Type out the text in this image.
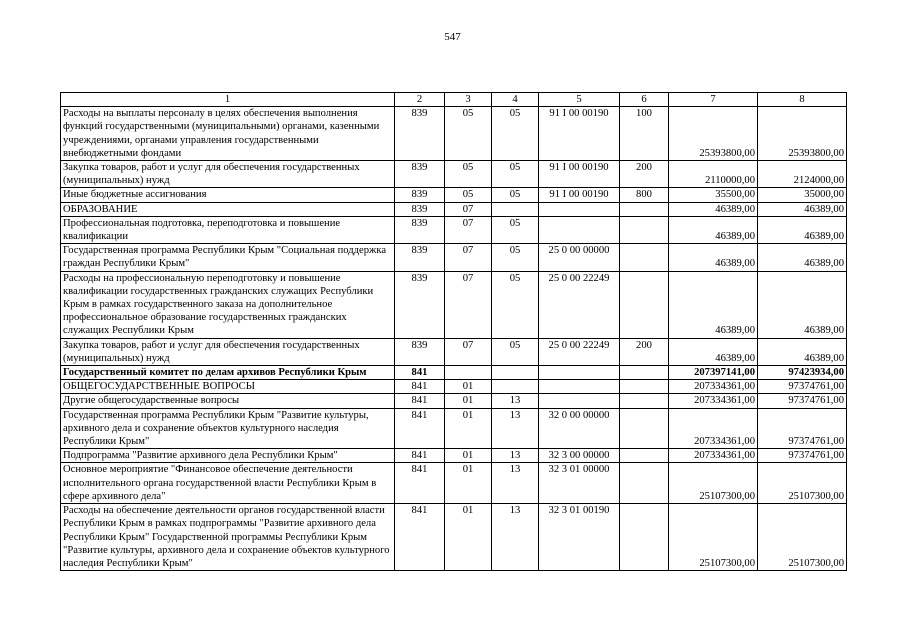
547
1	2	3	4	5	6	7	8
Расходы на выплаты персоналу в целях обеспечения выполнения функций государственными (муниципальными) органами, казенными учреждениями, органами управления государственными внебюджетными фондами	839	05	05	91 I 00 00190	100	25393800,00	25393800,00
Закупка товаров, работ и услуг для обеспечения государственных (муниципальных) нужд	839	05	05	91 I 00 00190	200	2110000,00	2124000,00
Иные бюджетные ассигнования	839	05	05	91 I 00 00190	800	35500,00	35000,00
ОБРАЗОВАНИЕ	839	07				46389,00	46389,00
Профессиональная подготовка, переподготовка и повышение квалификации	839	07	05			46389,00	46389,00
Государственная программа Республики Крым "Социальная поддержка граждан Республики Крым"	839	07	05	25 0 00 00000		46389,00	46389,00
Расходы на профессиональную переподготовку и повышение квалификации государственных гражданских служащих Республики Крым в рамках государственного заказа на дополнительное профессиональное образование государственных гражданских служащих Республики Крым	839	07	05	25 0 00 22249		46389,00	46389,00
Закупка товаров, работ и услуг для обеспечения государственных (муниципальных) нужд	839	07	05	25 0 00 22249	200	46389,00	46389,00
Государственный комитет по делам архивов Республики Крым	841					207397141,00	97423934,00
ОБЩЕГОСУДАРСТВЕННЫЕ ВОПРОСЫ	841	01				207334361,00	97374761,00
Другие общегосударственные вопросы	841	01	13			207334361,00	97374761,00
Государственная программа Республики Крым "Развитие культуры, архивного дела и сохранение объектов культурного наследия Республики Крым"	841	01	13	32 0 00 00000		207334361,00	97374761,00
Подпрограмма "Развитие архивного дела Республики Крым"	841	01	13	32 3 00 00000		207334361,00	97374761,00
Основное мероприятие "Финансовое обеспечение деятельности исполнительного органа государственной власти Республики Крым в сфере архивного дела"	841	01	13	32 3 01 00000		25107300,00	25107300,00
Расходы на обеспечение деятельности органов государственной власти Республики Крым в рамках подпрограммы "Развитие архивного дела Республики Крым" Государственной программы Республики Крым "Развитие культуры, архивного дела и сохранение объектов культурного наследия Республики Крым"	841	01	13	32 3 01 00190		25107300,00	25107300,00
